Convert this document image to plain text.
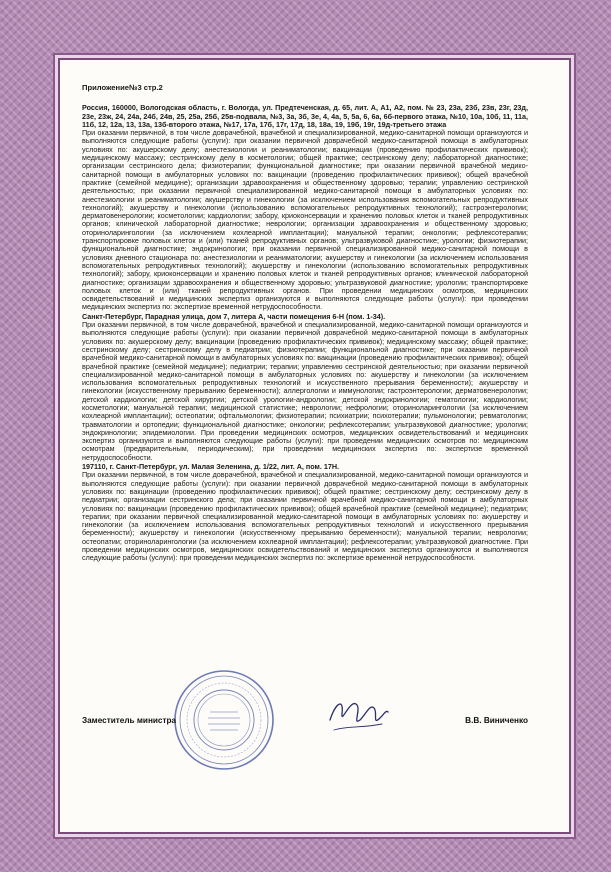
Приложение№3 стр.2

Россия, 160000, Вологодская область, г. Вологда, ул. Предтеченская, д. 65, лит. А, А1, А2, пом. № 23, 23а, 23б, 23в, 23г, 23д, 23е, 23ж, 24, 24а, 24б, 24в, 25, 25а, 25б, 25в-подвала, №3, 3а, 3б, 3е, 4, 4а, 5, 5а, 6, 6а, 6б-первого этажа, №10, 10а, 10б, 11, 11а, 11б, 12, 12а, 13, 13а, 13б-второго этажа, №17, 17а, 17б, 17г, 17д, 18, 18а, 19, 19б, 19г, 19д-третьего этажа

При оказании первичной, в том числе доврачебной, врачебной и специализированной, медико-санитарной помощи организуются и выполняются следующие работы (услуги): при оказании первичной доврачебной медико-санитарной помощи в амбулаторных условиях по: акушерскому делу; анестезиологии и реаниматологии; вакцинации (проведению профилактических прививок); медицинскому массажу; сестринскому делу в косметологии; общей практике; сестринскому делу; лабораторной диагностике; организации сестринского дела; физиотерапии; функциональной диагностике; при оказании первичной врачебной медико-санитарной помощи в амбулаторных условиях по: вакцинации (проведению профилактических прививок); общей врачебной практике (семейной медицине); организации здравоохранения и общественному здоровью; терапии; управлению сестринской деятельностью; при оказании первичной специализированной медико-санитарной помощи в амбулаторных условиях по: анестезиологии и реаниматологии; акушерству и гинекологии (за исключением использования вспомогательных репродуктивных технологий); акушерству и гинекологии (использованию вспомогательных репродуктивных технологий); гастроэнтерологии; дерматовенерологии; косметологии; кардиологии; забору, криоконсервации и хранению половых клеток и тканей репродуктивных органов; клинической лабораторной диагностике; неврологии; организации здравоохранения и общественному здоровью; оториноларингологии (за исключением кохлеарной имплантации); мануальной терапии; онкологии; рефлексотерапии; транспортировке половых клеток и (или) тканей репродуктивных органов; ультразвуковой диагностике; урологии; физиотерапии; функциональной диагностике; эндокринологии; при оказании первичной специализированной медико-санитарной помощи в условиях дневного стационара по: анестезиологии и реаниматологии; акушерству и гинекологии (за исключением использования вспомогательных репродуктивных технологий); акушерству и гинекологии (использованию вспомогательных репродуктивных технологий); забору, криоконсервации и хранению половых клеток и тканей репродуктивных органов; клинической лабораторной диагностике; организации здравоохранения и общественному здоровью; ультразвуковой диагностике; урологии; транспортировке половых клеток и (или) тканей репродуктивных органов. При проведении медицинских осмотров, медицинских освидетельствований и медицинских экспертиз организуются и выполняются следующие работы (услуги): при проведении медицинских экспертиз по: экспертизе временной нетрудоспособности.

Санкт-Петербург, Парадная улица, дом 7, литера А, части помещения 6-Н (пом. 1-34).

При оказании первичной, в том числе доврачебной, врачебной и специализированной, медико-санитарной помощи организуются и выполняются следующие работы (услуги): при оказании первичной доврачебной медико-санитарной помощи в амбулаторных условиях по: акушерскому делу; вакцинации (проведению профилактических прививок); медицинскому массажу; общей практике; сестринскому делу; сестринскому делу в педиатрии; физиотерапии; функциональной диагностике; при оказании первичной врачебной медико-санитарной помощи в амбулаторных условиях по: вакцинации (проведению профилактических прививок); общей врачебной практике (семейной медицине); педиатрии; терапии; управлению сестринской деятельностью; при оказании первичной специализированной медико-санитарной помощи в амбулаторных условиях по: акушерству и гинекологии (за исключением использования вспомогательных репродуктивных технологий и искусственного прерывания беременности); акушерству и гинекологии (искусственному прерыванию беременности); аллергологии и иммунологии; гастроэнтерологии; дерматовенерологии; детской кардиологии; детской хирургии; детской урологии-андрологии; детской эндокринологии; гематологии; кардиологии; косметологии; мануальной терапии; медицинской статистике; неврологии; нефрологии; оториноларингологии (за исключением кохлеарной имплантации); остеопатии; офтальмологии; физиотерапии; психиатрии; психотерапии; пульмонологии; ревматологии; травматологии и ортопедии; функциональной диагностике; онкологии; рефлексотерапии; ультразвуковой диагностике; урологии; эндокринологии; эпидемиологии. При проведении медицинских осмотров, медицинских освидетельствований и медицинских экспертиз организуются и выполняются следующие работы (услуги): при проведении медицинских осмотров по: медицинским осмотрам (предварительным, периодическим); при проведении медицинских экспертиз по: экспертизе временной нетрудоспособности.

197110, г. Санкт-Петербург, ул. Малая Зеленина, д. 1/22, лит. А, пом. 17Н.

При оказании первичной, в том числе доврачебной, врачебной и специализированной, медико-санитарной помощи организуются и выполняются следующие работы (услуги): при оказании первичной доврачебной медико-санитарной помощи в амбулаторных условиях по: вакцинации (проведению профилактических прививок); общей практике; сестринскому делу; сестринскому делу в педиатрии; организации сестринского дела; при оказании первичной врачебной медико-санитарной помощи в амбулаторных условиях по: вакцинации (проведению профилактических прививок); общей врачебной практике (семейной медицине); педиатрии; терапии; при оказании первичной специализированной медико-санитарной помощи в амбулаторных условиях по: акушерству и гинекологии (за исключением использования вспомогательных репродуктивных технологий и искусственного прерывания беременности); акушерству и гинекологии (искусственному прерыванию беременности); мануальной терапии; неврологии; остеопатии; оториноларингологии (за исключением кохлеарной имплантации); рефлексотерапии; ультразвуковой диагностике. При проведении медицинских осмотров, медицинских освидетельствований и медицинских экспертиз организуются и выполняются следующие работы (услуги): при проведении медицинских экспертиз по: экспертизе временной нетрудоспособности.

Заместитель министра	В.В. Виниченко
